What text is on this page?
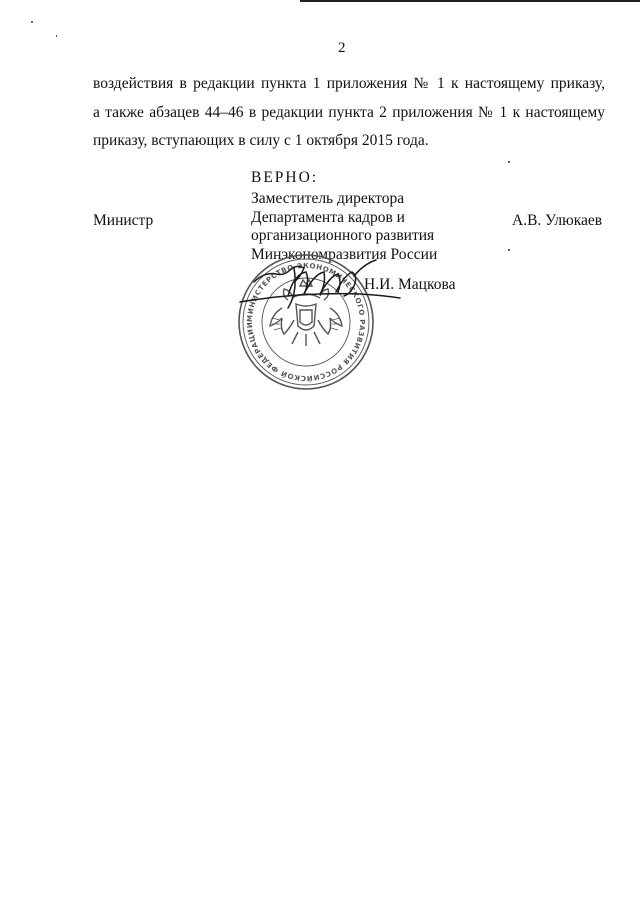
2
воздействия в редакции пункта 1 приложения № 1 к настоящему приказу,
а также абзацев 44–46 в редакции пункта 2 приложения № 1 к настоящему
приказу, вступающих в силу с 1 октября 2015 года.
ВЕРНО:
Заместитель директора
Департамента кадров и
организационного развития
Минэкономразвития России
Министр	А.В. Улюкаев
МИНИСТЕРСТВО ЭКОНОМИЧЕСКОГО РАЗВИТИЯ РОССИЙСКОЙ ФЕДЕРАЦИИ
Н.И. Мацкова
